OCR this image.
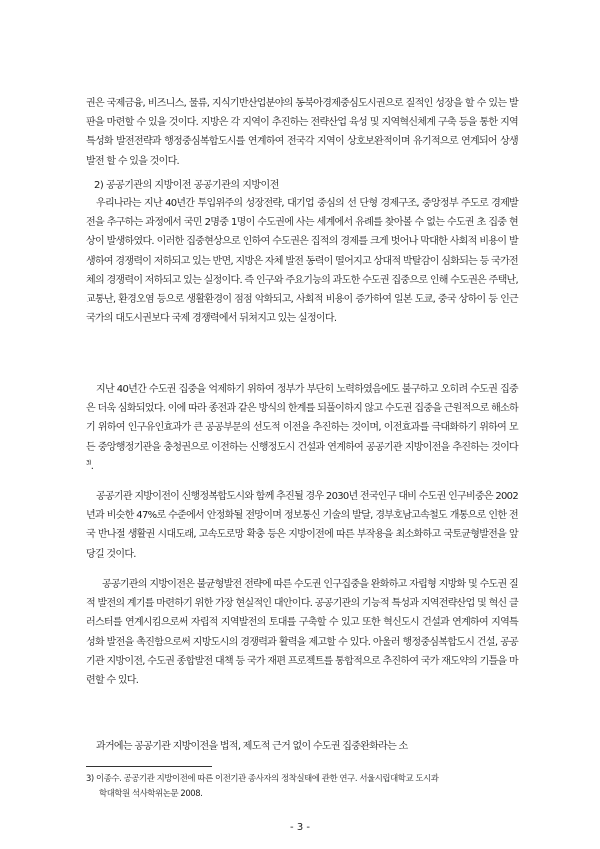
권은 국제금융, 비즈니스, 물류, 지식기반산업분야의 동북아경제중심도시권으로 질적인 성장을 할 수 있는 발판을 마련할 수 있을 것이다. 지방은 각 지역이 추진하는 전략산업 육성 및 지역혁신체계 구축 등을 통한 지역특성화 발전전략과 행정중심복합도시를 연계하여 전국각 지역이 상호보완적이며 유기적으로 연계되어 상생발전 할 수 있을 것이다.

2) 공공기관의 지방이전 공공기관의 지방이전

우리나라는 지난 40년간 투입위주의 성장전략, 대기업 중심의 선 단형 경제구조, 중앙정부 주도로 경제발전을 추구하는 과정에서 국민 2명중 1명이 수도권에 사는 세계에서 유례를 찾아볼 수 없는 수도권 초 집중 현상이 발생하였다. 이러한 집중현상으로 인하여 수도권은 집적의 경제를 크게 벗어나 막대한 사회적 비용이 발생하여 경쟁력이 저하되고 있는 반면, 지방은 자체 발전 동력이 떨어지고 상대적 박탈감이 심화되는 등 국가전체의 경쟁력이 저하되고 있는 실정이다. 즉 인구와 주요기능의 과도한 수도권 집중으로 인해 수도권은 주택난, 교통난, 환경오염 등으로 생활환경이 점점 악화되고, 사회적 비용이 증가하여 일본 도쿄, 중국 상하이 등 인근 국가의 대도시권보다 국제 경쟁력에서 뒤쳐지고 있는 실정이다.

지난 40년간 수도권 집중을 억제하기 위하여 정부가 부단히 노력하였음에도 불구하고 오히려 수도권 집중은 더욱 심화되었다. 이에 따라 종전과 같은 방식의 한계를 되풀이하지 않고 수도권 집중을 근원적으로 해소하기 위하여 인구유인효과가 큰 공공부문의 선도적 이전을 추진하는 것이며, 이전효과를 극대화하기 위하여 모든 중앙행정기관을 충청권으로 이전하는 신행정도시 건설과 연계하여 공공기관 지방이전을 추진하는 것이다$^{3)}$.

공공기관 지방이전이 신행정복합도시와 함께 추진될 경우 2030년 전국인구 대비 수도권 인구비중은 2002년과 비슷한 47%로 수준에서 안정화될 전망이며 정보통신 기술의 발달, 경부호남고속철도 개통으로 인한 전국 반나절 생활권 시대도래, 고속도로망 확충 등은 지방이전에 따른 부작용을 최소화하고 국토균형발전을 앞당길 것이다.

공공기관의 지방이전은 불균형발전 전략에 따른 수도권 인구집중을 완화하고 자립형 지방화 및 수도권 질적 발전의 계기를 마련하기 위한 가장 현실적인 대안이다. 공공기관의 기능적 특성과 지역전략산업 및 혁신 클러스터를 연계시킴으로써 자립적 지역발전의 토대를 구축할 수 있고 또한 혁신도시 건설과 연계하여 지역특성화 발전을 촉진함으로써 지방도시의 경쟁력과 활력을 제고할 수 있다. 아울러 행정중심복합도시 건설, 공공기관 지방이전, 수도권 종합발전 대책 등 국가 재편 프로젝트를 통합적으로 추진하여 국가 재도약의 기틀을 마련할 수 있다.

과거에는 공공기관 지방이전을 법적, 제도적 근거 없이 수도권 집중완화라는 소

3) 이종수. 공공기관 지방이전에 따른 이전기관 종사자의 정착실태에 관한 연구. 서울시립대학교 도시과
학대학원 석사학위논문 2008.

- 3 -
